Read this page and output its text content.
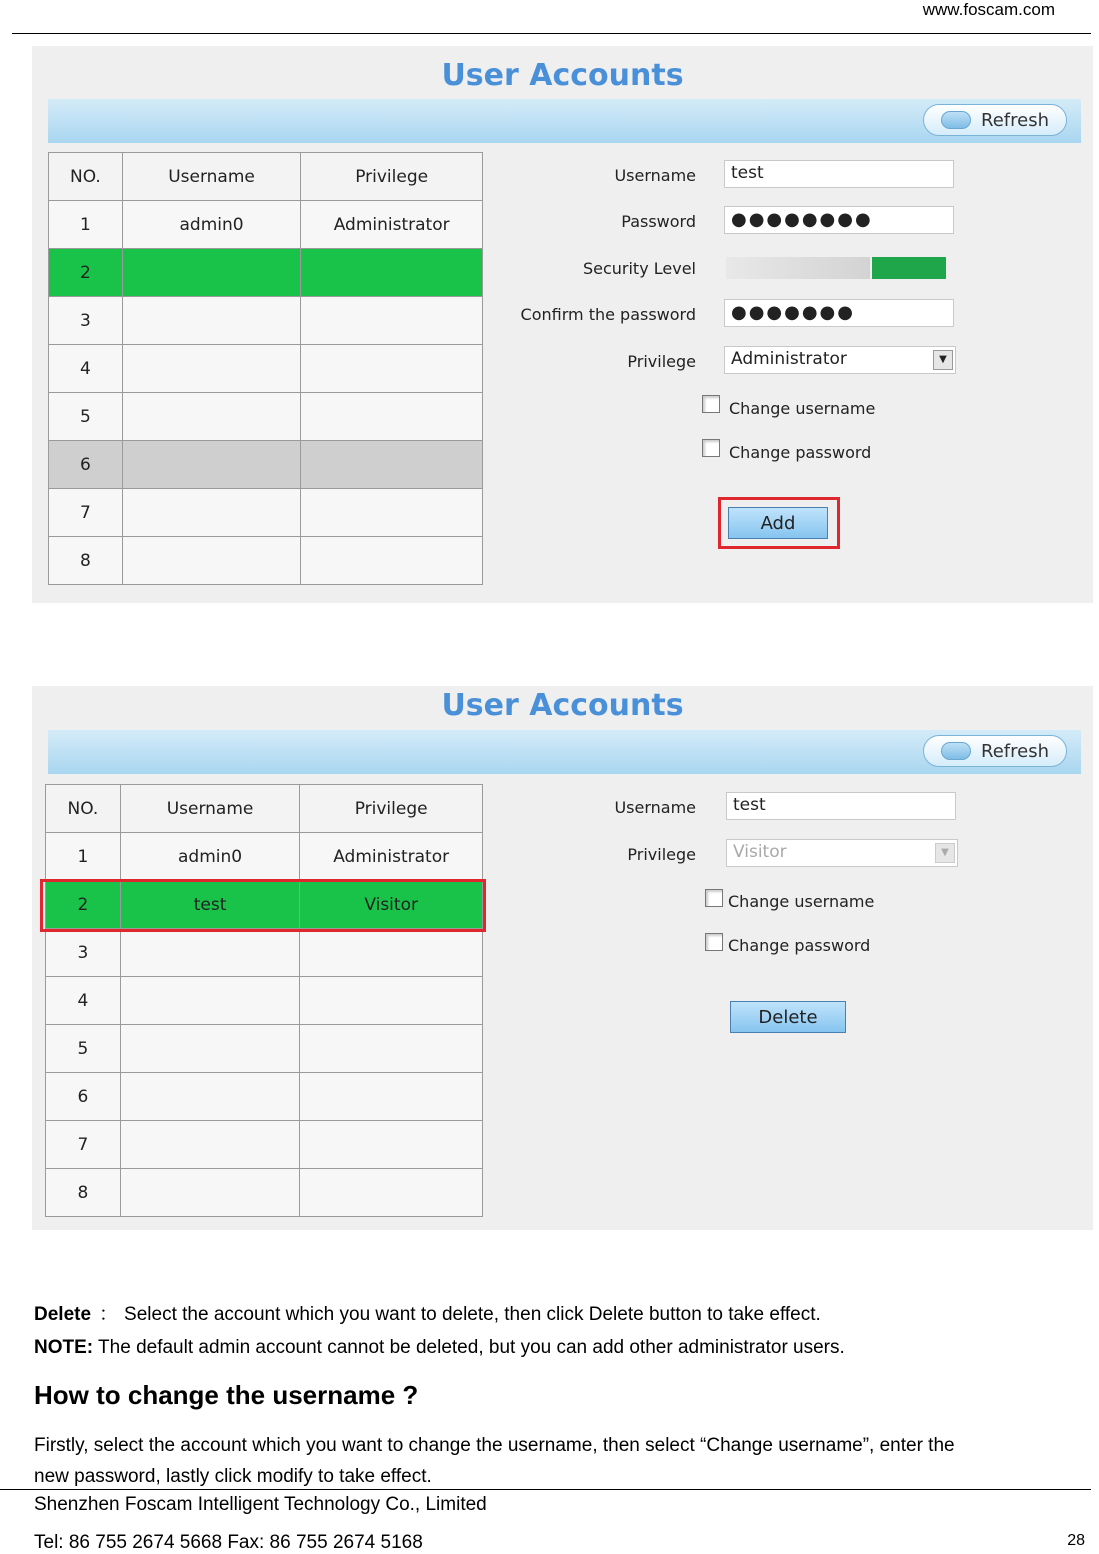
www.foscam.com
User Accounts
Refresh
NO.	Username	Privilege
1	admin0	Administrator
2		
3		
4		
5		
6		
7		
8		
Username	test
Password	●●●●●●●●
Security Level
Confirm the password	●●●●●●●
Privilege	Administrator	▼
Change username
Change password
Add
User Accounts
Refresh
NO.	Username	Privilege
1	admin0	Administrator
2	test	Visitor
3		
4		
5		
6		
7		
8		
Username	test
Privilege	Visitor	▼
Change username
Change password
Delete
Delete ： Select the account which you want to delete, then click Delete button to take effect.
NOTE: The default admin account cannot be deleted, but you can add other administrator users.
How to change the username ?
Firstly, select the account which you want to change the username, then select “Change username”, enter the
new password, lastly click modify to take effect.
Shenzhen Foscam Intelligent Technology Co., Limited
Tel: 86 755 2674 5668 Fax: 86 755 2674 5168	28
